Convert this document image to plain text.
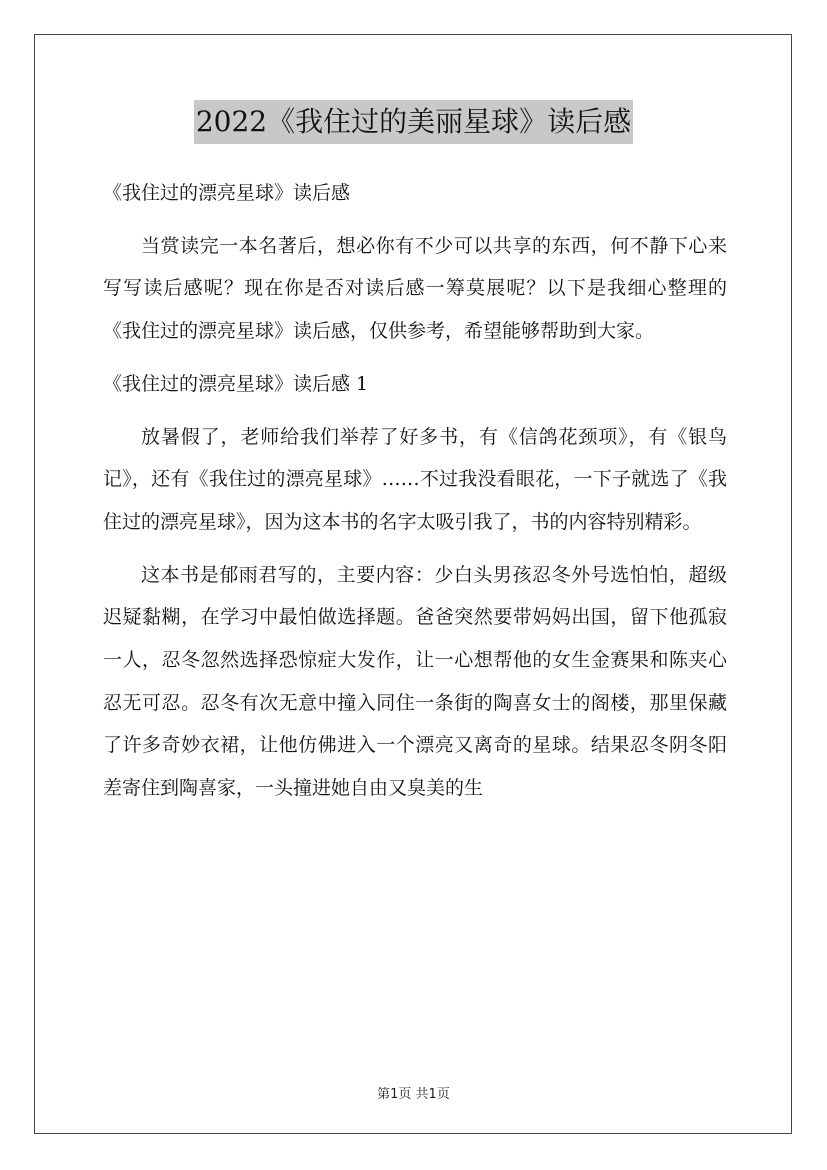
2022《我住过的美丽星球》读后感

《我住过的漂亮星球》读后感

当赏读完一本名著后，想必你有不少可以共享的东西，何不静下心来写写读后感呢？现在你是否对读后感一筹莫展呢？以下是我细心整理的《我住过的漂亮星球》读后感，仅供参考，希望能够帮助到大家。

《我住过的漂亮星球》读后感 1

放暑假了，老师给我们举荐了好多书，有《信鸽花颈项》，有《银鸟记》，还有《我住过的漂亮星球》……不过我没看眼花，一下子就选了《我住过的漂亮星球》，因为这本书的名字太吸引我了，书的内容特别精彩。

这本书是郁雨君写的，主要内容：少白头男孩忍冬外号选怕怕，超级迟疑黏糊，在学习中最怕做选择题。爸爸突然要带妈妈出国，留下他孤寂一人，忍冬忽然选择恐惊症大发作，让一心想帮他的女生金赛果和陈夹心忍无可忍。忍冬有次无意中撞入同住一条街的陶喜女士的阁楼，那里保藏了许多奇妙衣裙，让他仿佛进入一个漂亮又离奇的星球。结果忍冬阴冬阳差寄住到陶喜家，一头撞进她自由又臭美的生

第1页 共1页
